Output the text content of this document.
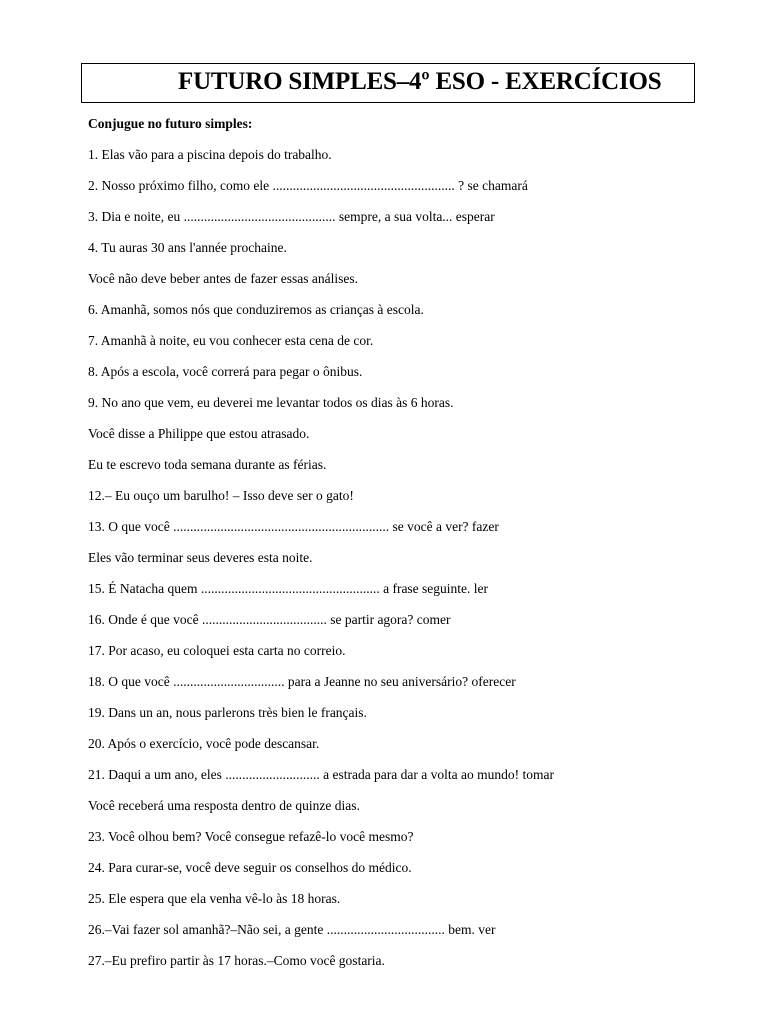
FUTURO SIMPLES–4º ESO - EXERCÍCIOS
Conjugue no futuro simples:
1. Elas vão para a piscina depois do trabalho.
2. Nosso próximo filho, como ele ...................................................... ? se chamará
3. Dia e noite, eu ............................................. sempre, a sua volta... esperar
4. Tu auras 30 ans l'année prochaine.
Você não deve beber antes de fazer essas análises.
6. Amanhã, somos nós que conduziremos as crianças à escola.
7. Amanhã à noite, eu vou conhecer esta cena de cor.
8. Após a escola, você correrá para pegar o ônibus.
9. No ano que vem, eu deverei me levantar todos os dias às 6 horas.
Você disse a Philippe que estou atrasado.
Eu te escrevo toda semana durante as férias.
12.– Eu ouço um barulho! – Isso deve ser o gato!
13. O que você ................................................................ se você a ver? fazer
Eles vão terminar seus deveres esta noite.
15. É Natacha quem ..................................................... a frase seguinte. ler
16. Onde é que você ..................................... se partir agora? comer
17. Por acaso, eu coloquei esta carta no correio.
18. O que você ................................. para a Jeanne no seu aniversário? oferecer
19. Dans un an, nous parlerons très bien le français.
20. Após o exercício, você pode descansar.
21. Daqui a um ano, eles ............................ a estrada para dar a volta ao mundo! tomar
Você receberá uma resposta dentro de quinze dias.
23. Você olhou bem? Você consegue refazê-lo você mesmo?
24. Para curar-se, você deve seguir os conselhos do médico.
25. Ele espera que ela venha vê-lo às 18 horas.
26.–Vai fazer sol amanhã?–Não sei, a gente ................................... bem. ver
27.–Eu prefiro partir às 17 horas.–Como você gostaria.
